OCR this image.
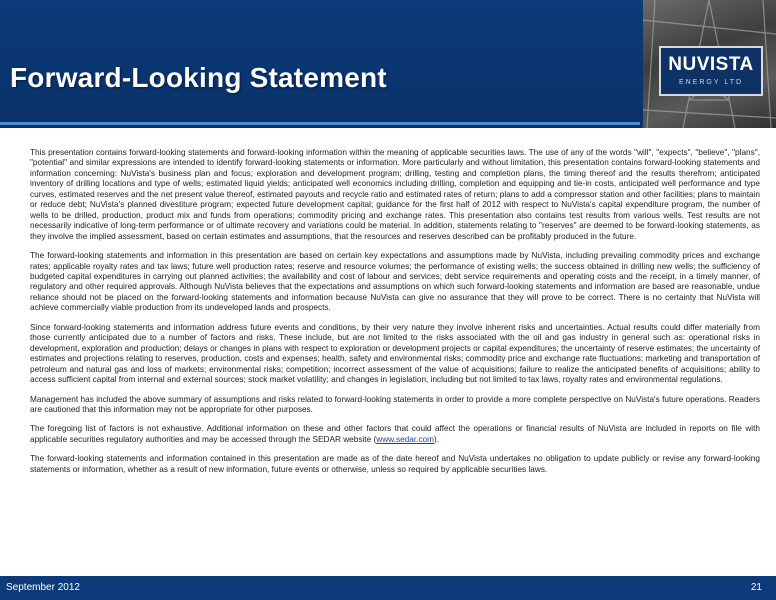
Forward-Looking Statement	NUVISTA
ENERGY LTD

This presentation contains forward-looking statements and forward-looking information within the meaning of applicable securities laws. The use of any of the words "will", "expects", "believe", "plans", "potential" and similar expressions are intended to identify forward-looking statements or information. More particularly and without limitation, this presentation contains forward-looking statements and information concerning: NuVista's business plan and focus; exploration and development program; drilling, testing and completion plans, the timing thereof and the results therefrom; anticipated inventory of drilling locations and type of wells; estimated liquid yields; anticipated well economics including drilling, completion and equipping and tie-in costs, anticipated well performance and type curves, estimated reserves and the net present value thereof, estimated payouts and recycle ratio and estimated rates of return; plans to add a compressor station and other facilities; plans to maintain or reduce debt; NuVista's planned divestiture program; expected future development capital; guidance for the first half of 2012 with respect to NuVista's capital expenditure program, the number of wells to be drilled, production, product mix and funds from operations; commodity pricing and exchange rates. This presentation also contains test results from various wells. Test results are not necessarily indicative of long-term performance or of ultimate recovery and variations could be material. In addition, statements relating to "reserves" are deemed to be forward-looking statements, as they involve the implied assessment, based on certain estimates and assumptions, that the resources and reserves described can be profitably produced in the future.

The forward-looking statements and information in this presentation are based on certain key expectations and assumptions made by NuVista, including prevailing commodity prices and exchange rates; applicable royalty rates and tax laws; future well production rates; reserve and resource volumes; the performance of existing wells; the success obtained in drilling new wells; the sufficiency of budgeted capital expenditures in carrying out planned activities; the availability and cost of labour and services; debt service requirements and operating costs and the receipt, in a timely manner, of regulatory and other required approvals. Although NuVista believes that the expectations and assumptions on which such forward-looking statements and information are based are reasonable, undue reliance should not be placed on the forward-looking statements and information because NuVista can give no assurance that they will prove to be correct. There is no certainty that NuVista will achieve commercially viable production from its undeveloped lands and prospects.

Since forward-looking statements and information address future events and conditions, by their very nature they involve inherent risks and uncertainties. Actual results could differ materially from those currently anticipated due to a number of factors and risks. These include, but are not limited to the risks associated with the oil and gas industry in general such as: operational risks in development, exploration and production; delays or changes in plans with respect to exploration or development projects or capital expenditures; the uncertainty of reserve estimates; the uncertainty of estimates and projections relating to reserves, production, costs and expenses; health, safety and environmental risks; commodity price and exchange rate fluctuations; marketing and transportation of petroleum and natural gas and loss of markets; environmental risks; competition; incorrect assessment of the value of acquisitions; failure to realize the anticipated benefits of acquisitions; ability to access sufficient capital from internal and external sources; stock market volatility; and changes in legislation, including but not limited to tax laws, royalty rates and environmental regulations.

Management has included the above summary of assumptions and risks related to forward-looking statements in order to provide a more complete perspective on NuVista's future operations. Readers are cautioned that this information may not be appropriate for other purposes.

The foregoing list of factors is not exhaustive. Additional information on these and other factors that could affect the operations or financial results of NuVista are included in reports on file with applicable securities regulatory authorities and may be accessed through the SEDAR website (www.sedar.com).

The forward-looking statements and information contained in this presentation are made as of the date hereof and NuVista undertakes no obligation to update publicly or revise any forward-looking statements or information, whether as a result of new information, future events or otherwise, unless so required by applicable securities laws.

September 2012	21
